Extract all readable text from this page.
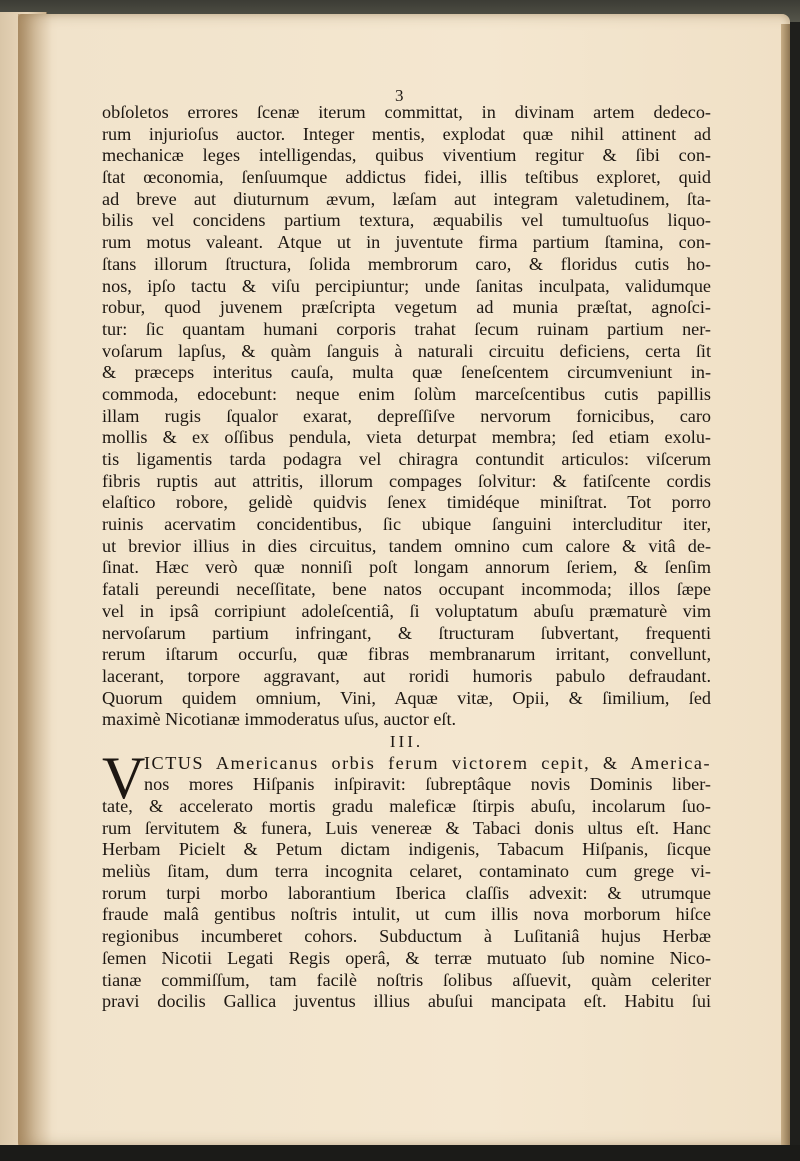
3
obſoletos errores ſcenæ iterum committat, in divinam artem dedeco-
rum injurioſus auctor. Integer mentis, explodat quæ nihil attinent ad
mechanicæ leges intelligendas, quibus viventium regitur & ſibi con-
ſtat œconomia, ſenſuumque addictus fidei, illis teſtibus exploret, quid
ad breve aut diuturnum ævum, læſam aut integram valetudinem, ſta-
bilis vel concidens partium textura, æquabilis vel tumultuoſus liquo-
rum motus valeant. Atque ut in juventute firma partium ſtamina, con-
ſtans illorum ſtructura, ſolida membrorum caro, & floridus cutis ho-
nos, ipſo tactu & viſu percipiuntur; unde ſanitas inculpata, validumque
robur, quod juvenem præſcripta vegetum ad munia præſtat, agnoſci-
tur: ſic quantam humani corporis trahat ſecum ruinam partium ner-
voſarum lapſus, & quàm ſanguis à naturali circuitu deficiens, certa ſit
& præceps interitus cauſa, multa quæ ſeneſcentem circumveniunt in-
commoda, edocebunt: neque enim ſolùm marceſcentibus cutis papillis
illam rugis ſqualor exarat, depreſſiſve nervorum fornicibus, caro
mollis & ex oſſibus pendula, vieta deturpat membra; ſed etiam exolu-
tis ligamentis tarda podagra vel chiragra contundit articulos: viſcerum
fibris ruptis aut attritis, illorum compages ſolvitur: & fatiſcente cordis
elaſtico robore, gelidè quidvis ſenex timidéque miniſtrat. Tot porro
ruinis acervatim concidentibus, ſic ubique ſanguini intercluditur iter,
ut brevior illius in dies circuitus, tandem omnino cum calore & vitâ de-
ſinat. Hæc verò quæ nonniſi poſt longam annorum ſeriem, & ſenſim
fatali pereundi neceſſitate, bene natos occupant incommoda; illos ſæpe
vel in ipsâ corripiunt adoleſcentiâ, ſi voluptatum abuſu præmaturè vim
nervoſarum partium infringant, & ſtructuram ſubvertant, frequenti
rerum iſtarum occurſu, quæ fibras membranarum irritant, convellunt,
lacerant, torpore aggravant, aut roridi humoris pabulo defraudant.
Quorum quidem omnium, Vini, Aquæ vitæ, Opii, & ſimilium, ſed
maximè Nicotianæ immoderatus uſus, auctor eſt.
III.
V
ICTUS Americanus orbis ferum victorem cepit, & America-
nos mores Hiſpanis inſpiravit: ſubreptâque novis Dominis liber-
tate, & accelerato mortis gradu maleficæ ſtirpis abuſu, incolarum ſuo-
rum ſervitutem & funera, Luis venereæ & Tabaci donis ultus eſt. Hanc
Herbam Picielt & Petum dictam indigenis, Tabacum Hiſpanis, ſicque
meliùs ſitam, dum terra incognita celaret, contaminato cum grege vi-
rorum turpi morbo laborantium Iberica claſſis advexit: & utrumque
fraude malâ gentibus noſtris intulit, ut cum illis nova morborum hiſce
regionibus incumberet cohors. Subductum à Luſitaniâ hujus Herbæ
ſemen Nicotii Legati Regis operâ, & terræ mutuato ſub nomine Nico-
tianæ commiſſum, tam facilè noſtris ſolibus aſſuevit, quàm celeriter
pravi docilis Gallica juventus illius abuſui mancipata eſt. Habitu ſui
